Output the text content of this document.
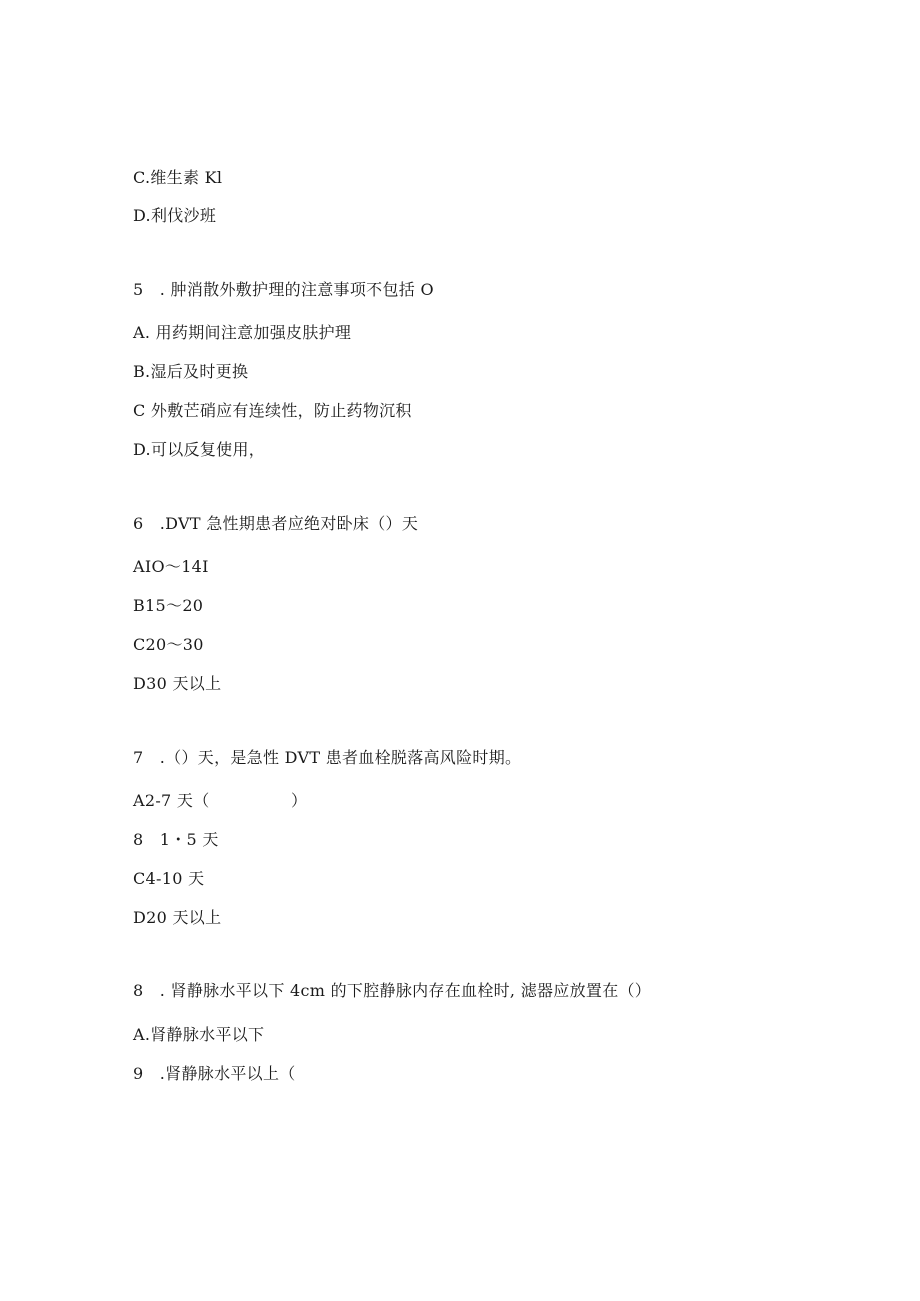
C.维生素 Kl
D.利伐沙班
5　. 肿消散外敷护理的注意事项不包括 O
A. 用药期间注意加强皮肤护理
B.湿后及时更换
C 外敷芒硝应有连续性，防止药物沉积
D.可以反复使用，
6　.DVT 急性期患者应绝对卧床（）天
AIO～14I
B15～20
C20～30
D30 天以上
7　.（）天，是急性 DVT 患者血栓脱落高风险时期。
A2-7 天（　　　　　）
8　1・5 天
C4-10 天
D20 天以上
8　. 肾静脉水平以下 4cm 的下腔静脉内存在血栓时, 滤器应放置在（）
A.肾静脉水平以下
9　.肾静脉水平以上（
